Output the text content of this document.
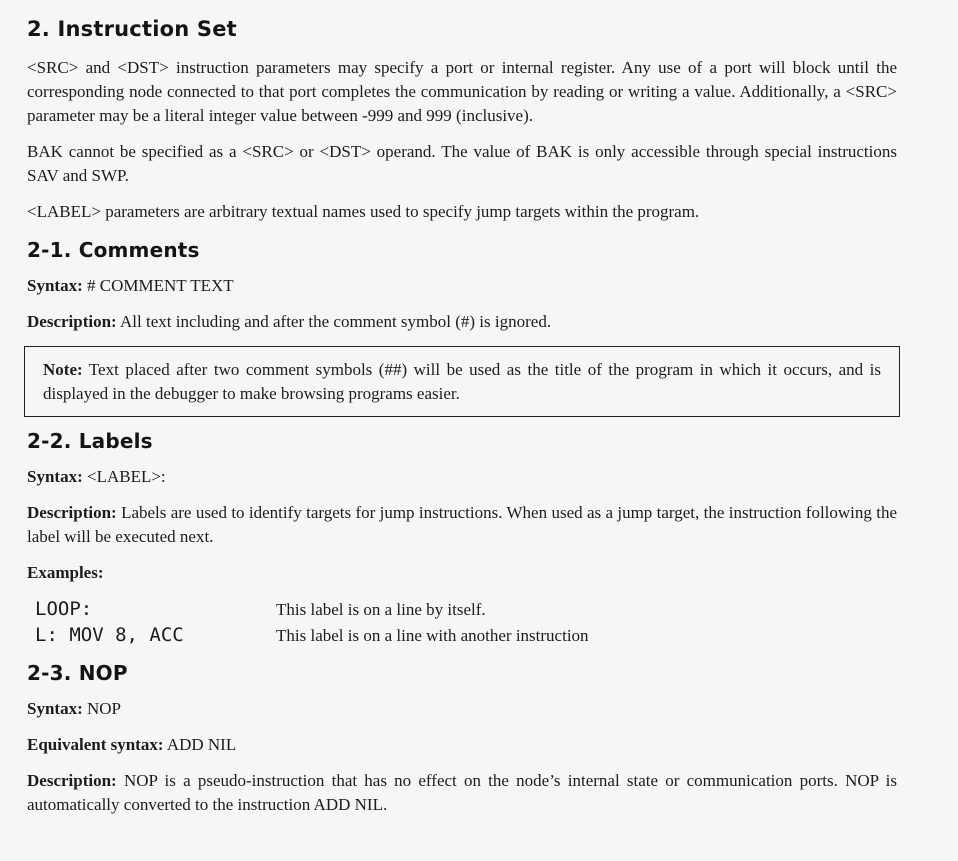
2. Instruction Set

<SRC> and <DST> instruction parameters may specify a port or internal register. Any use of a port will block until the corresponding node connected to that port completes the communication by reading or writing a value. Additionally, a <SRC> parameter may be a literal integer value between -999 and 999 (inclusive).

BAK cannot be specified as a <SRC> or <DST> operand. The value of BAK is only accessible through special instructions SAV and SWP.

<LABEL> parameters are arbitrary textual names used to specify jump targets within the program.

2-1. Comments

Syntax: # COMMENT TEXT

Description: All text including and after the comment symbol (#) is ignored.

Note: Text placed after two comment symbols (##) will be used as the title of the program in which it occurs, and is displayed in the debugger to make browsing programs easier.

2-2. Labels

Syntax: <LABEL>:

Description: Labels are used to identify targets for jump instructions. When used as a jump target, the instruction following the label will be executed next.

Examples:

LOOP:	This label is on a line by itself.
L: MOV 8, ACC	This label is on a line with another instruction
2-3. NOP

Syntax: NOP

Equivalent syntax: ADD NIL

Description: NOP is a pseudo-instruction that has no effect on the node’s internal state or communication ports. NOP is automatically converted to the instruction ADD NIL.
